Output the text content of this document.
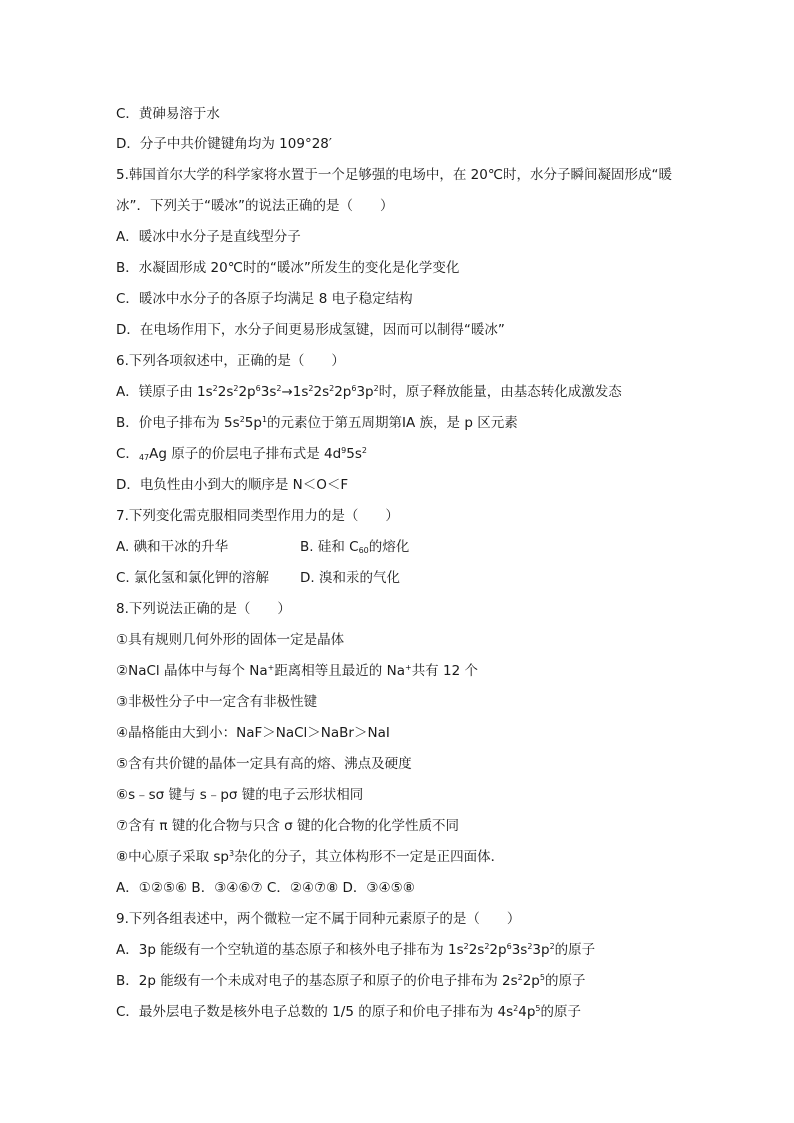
C．黄砷易溶于水
D．分子中共价键键角均为 109°28′
5.韩国首尔大学的科学家将水置于一个足够强的电场中，在 20℃时，水分子瞬间凝固形成“暖
冰”．下列关于“暖冰”的说法正确的是（　　）
A．暖冰中水分子是直线型分子
B．水凝固形成 20℃时的“暖冰”所发生的变化是化学变化
C．暖冰中水分子的各原子均满足 8 电子稳定结构
D．在电场作用下，水分子间更易形成氢键，因而可以制得“暖冰”
6.下列各项叙述中，正确的是（　　）
A．镁原子由 $1s^22s^22p^63s^2\to 1s^22s^22p^63p^2$时，原子释放能量，由基态转化成激发态
B．价电子排布为 $5s^25p^1$的元素位于第五周期第ⅠA 族，是 p 区元素
C．$_{47}$Ag 原子的价层电子排布式是 $4d^95s^2$
D．电负性由小到大的顺序是 N＜O＜F
7.下列变化需克服相同类型作用力的是（　　）
A. 碘和干冰的升华	B. 硅和 $C_{60}$的熔化
C. 氯化氢和氯化钾的溶解 D. 溴和汞的气化
8.下列说法正确的是（　　）
①具有规则几何外形的固体一定是晶体
②NaCl 晶体中与每个 Na+距离相等且最近的 Na+共有 12 个
③非极性分子中一定含有非极性键
④晶格能由大到小：NaF＞NaCl＞NaBr＞NaI
⑤含有共价键的晶体一定具有高的熔、沸点及硬度
⑥s﹣sσ 键与 s﹣pσ 键的电子云形状相同
⑦含有 π 键的化合物与只含 σ 键的化合物的化学性质不同
⑧中心原子采取 $sp^3$杂化的分子，其立体构形不一定是正四面体．
A．①②⑤⑥ B．③④⑥⑦ C．②④⑦⑧ D．③④⑤⑧
9.下列各组表述中，两个微粒一定不属于同种元素原子的是（　　）
A．3p 能级有一个空轨道的基态原子和核外电子排布为 $1s^22s^22p^63s^23p^2$的原子
B．2p 能级有一个未成对电子的基态原子和原子的价电子排布为 $2s^22p^5$的原子
C．最外层电子数是核外电子总数的 1/5 的原子和价电子排布为 $4s^24p^5$的原子
